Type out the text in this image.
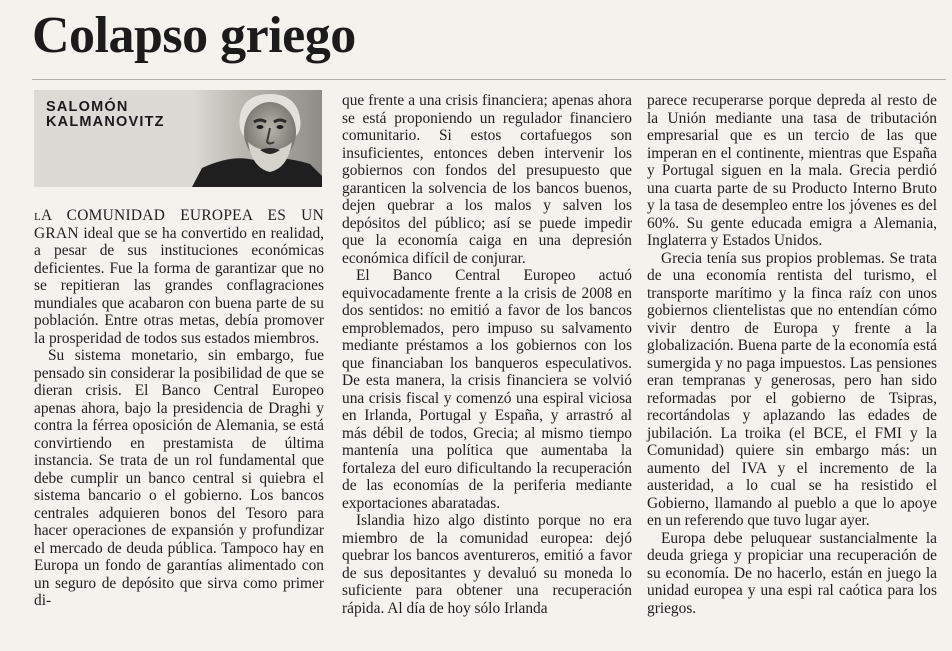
Colapso griego
SALOMÓN
KALMANOVITZ

lA COMUNIDAD EUROPEA ES UN GRAN ideal que se ha convertido en realidad, a pesar de sus instituciones económicas deficientes. Fue la forma de garantizar que no se repitieran las grandes conflagraciones mundiales que acabaron con buena parte de su población. Entre otras metas, debía promover la prosperidad de todos sus estados miembros.

Su sistema monetario, sin embargo, fue pensado sin considerar la posibilidad de que se dieran crisis. El Banco Central Europeo apenas ahora, bajo la presidencia de Draghi y contra la férrea oposición de Alemania, se está convirtiendo en prestamista de última instancia. Se trata de un rol fundamental que debe cumplir un banco central si quiebra el sistema bancario o el gobierno. Los bancos centrales adquieren bonos del Tesoro para hacer operaciones de expansión y profundizar el mercado de deuda pública. Tampoco hay en Europa un fondo de garantías alimentado con un seguro de depósito que sirva como primer di-

que frente a una crisis financiera; apenas ahora se está proponiendo un regulador financiero comunitario. Si estos cortafuegos son insuficientes, entonces deben intervenir los gobiernos con fondos del presupuesto que garanticen la solvencia de los bancos buenos, dejen quebrar a los malos y salven los depósitos del público; así se puede impedir que la economía caiga en una depresión económica difícil de conjurar.

El Banco Central Europeo actuó equivocadamente frente a la crisis de 2008 en dos sentidos: no emitió a favor de los bancos emproblemados, pero impuso su salvamento mediante préstamos a los gobiernos con los que financiaban los banqueros especulativos. De esta manera, la crisis financiera se volvió una crisis fiscal y comenzó una espiral viciosa en Irlanda, Portugal y España, y arrastró al más débil de todos, Grecia; al mismo tiempo mantenía una política que aumentaba la fortaleza del euro dificultando la recuperación de las economías de la periferia mediante exportaciones abaratadas.

Islandia hizo algo distinto porque no era miembro de la comunidad europea: dejó quebrar los bancos aventureros, emitió a favor de sus depositantes y devaluó su moneda lo suficiente para obtener una recuperación rápida. Al día de hoy sólo Irlanda

parece recuperarse porque depreda al resto de la Unión mediante una tasa de tributación empresarial que es un tercio de las que imperan en el continente, mientras que España y Portugal siguen en la mala. Grecia perdió una cuarta parte de su Producto Interno Bruto y la tasa de desempleo entre los jóvenes es del 60%. Su gente educada emigra a Alemania, Inglaterra y Estados Unidos.

Grecia tenía sus propios problemas. Se trata de una economía rentista del turismo, el transporte marítimo y la finca raíz con unos gobiernos clientelistas que no entendían cómo vivir dentro de Europa y frente a la globalización. Buena parte de la economía está sumergida y no paga impuestos. Las pensiones eran tempranas y generosas, pero han sido reformadas por el gobierno de Tsipras, recortándolas y aplazando las edades de jubilación. La troika (el BCE, el FMI y la Comunidad) quiere sin embargo más: un aumento del IVA y el incremento de la austeridad, a lo cual se ha resistido el Gobierno, llamando al pueblo a que lo apoye en un referendo que tuvo lugar ayer.

Europa debe peluquear sustancialmente la deuda griega y propiciar una recuperación de su economía. De no hacerlo, están en juego la unidad europea y una espi ral caótica para los griegos.
